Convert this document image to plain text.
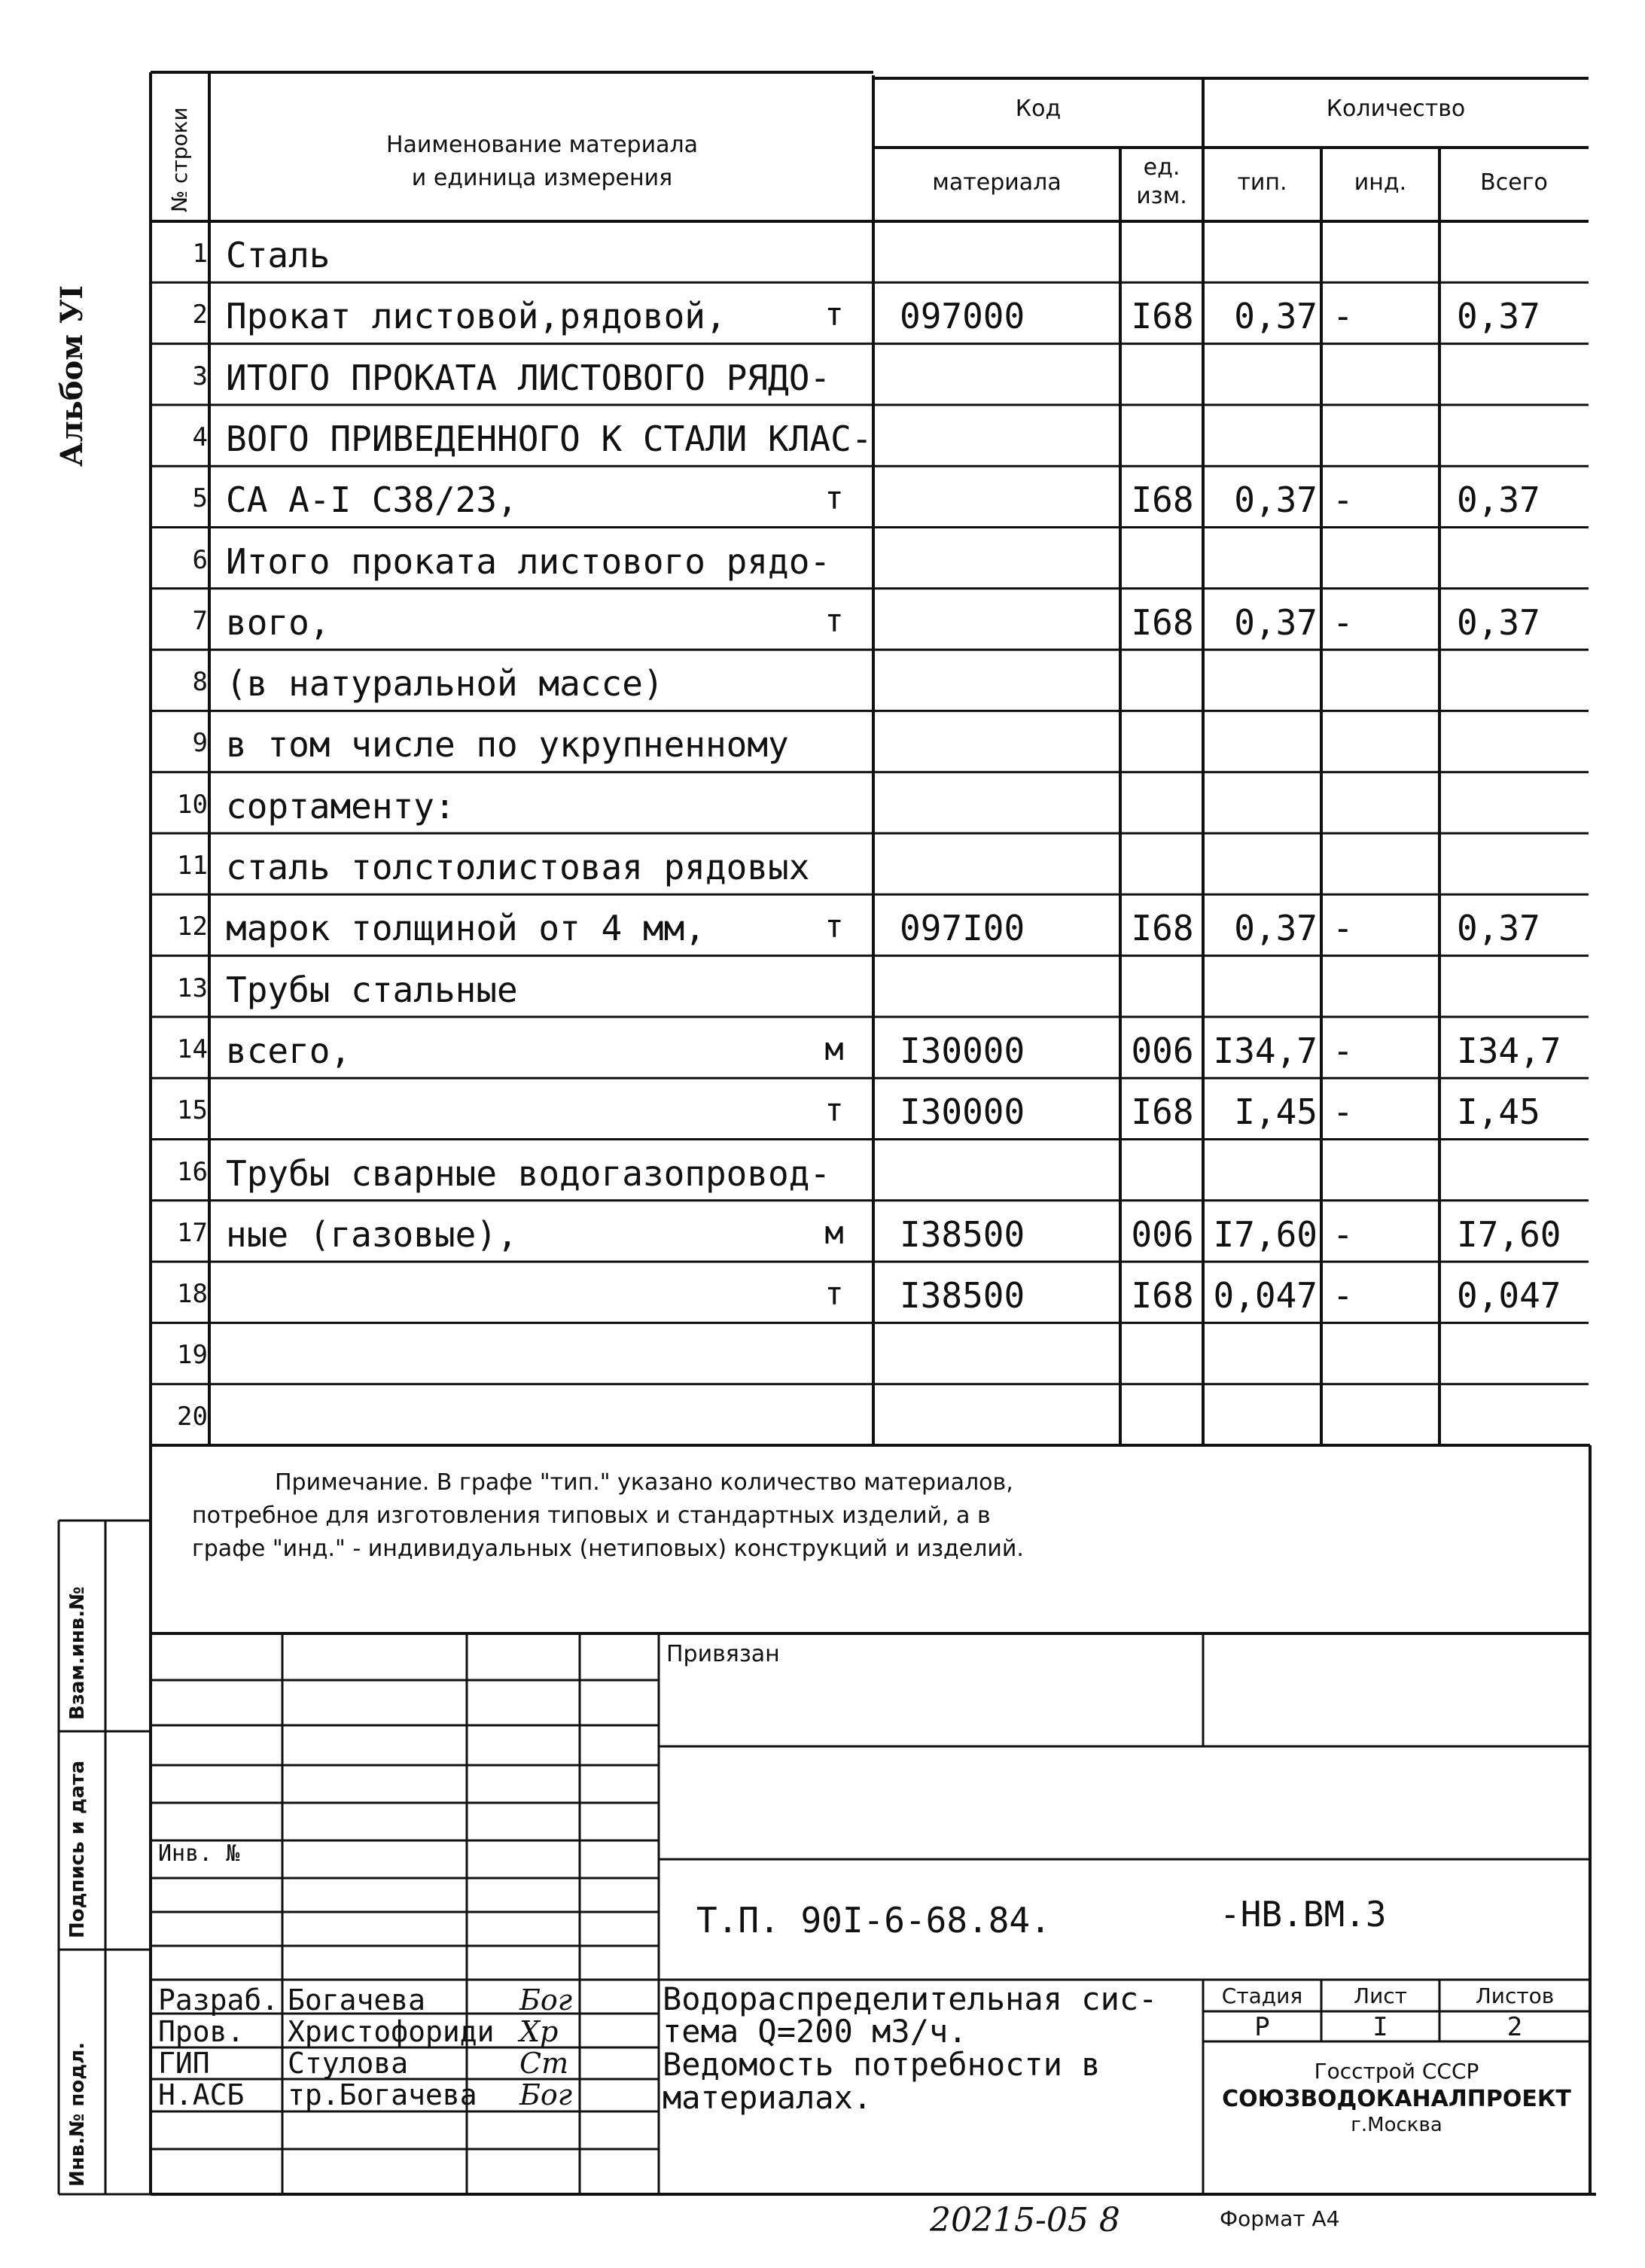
Альбом УI
Взам.инв.№
Подпись и дата
Инв.№ подл.
№ строки	Наименование материала
и единица измерения
Код	Количество
материала
ед.
изм.
тип.	инд.	Всего
1 Сталь
2 Прокат листовой,рядовой,	т 097000	I68	0,37 -	0,37
3 ИТОГО ПРОКАТА ЛИСТОВОГО РЯДО-
4 ВОГО ПРИВЕДЕННОГО К СТАЛИ КЛАС-
5 СА А-I С38/23,	т	I68	0,37 -	0,37
6 Итого проката листового рядо-
7 вого,	т	I68	0,37 -	0,37
8 (в натуральной массе)
9 в том числе по укрупненному
10 сортаменту:
11 сталь толстолистовая рядовых
12 марок толщиной от 4 мм,	т 097I00	I68	0,37 -	0,37
13 Трубы стальные
14 всего,	м I30000	006 I34,7 -	I34,7
15	т I30000	I68	I,45 -	I,45
16 Трубы сварные водогазопровод-
17 ные (газовые),	м I38500	006 I7,60 -	I7,60
18	т I38500	I68 0,047 -	0,047
19
20
Примечание. В графе "тип." указано количество материалов, потребное для изготовления типовых и стандартных изделий, а в графе "инд." - индивидуальных (нетиповых) конструкций и изделий.
Привязан
Инв. №
Т.П. 90I-6-68.84.	-НВ.ВМ.3
Разраб. Богачева	Бог
Пров. Христофориди Хр
ГИП	Стулова	Ст
Н.АСБ тр.Богачева Бог
Водораспределительная сис-
тема Q=200 м3/ч.
Ведомость потребности в
материалах.
Стадия	Лист	Листов
Р	I	2
Госстрой СССР
СОЮЗВОДОКАНАЛПРОЕКТ
г.Москва
20215-05 8	Формат А4
